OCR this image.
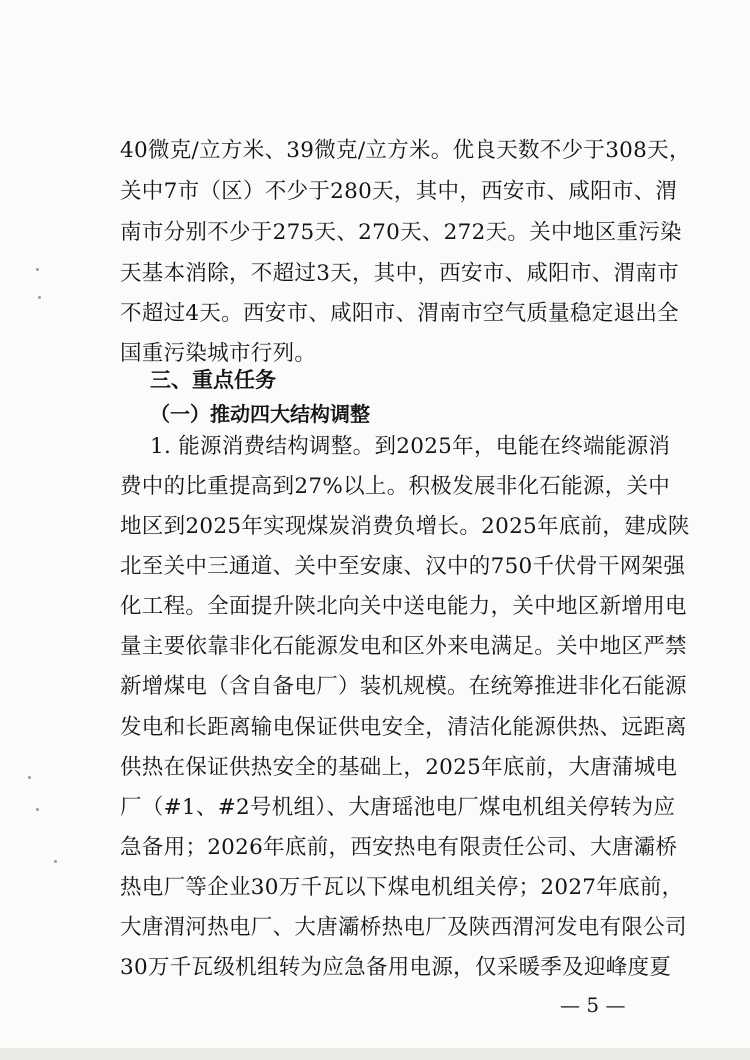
40微克/立方米、39微克/立方米。优良天数不少于308天，
关中7市（区）不少于280天，其中，西安市、咸阳市、渭
南市分别不少于275天、270天、272天。关中地区重污染
天基本消除，不超过3天，其中，西安市、咸阳市、渭南市
不超过4天。西安市、咸阳市、渭南市空气质量稳定退出全
国重污染城市行列。
三、重点任务
（一）推动四大结构调整
1. 能源消费结构调整。到2025年，电能在终端能源消
费中的比重提高到27%以上。积极发展非化石能源，关中
地区到2025年实现煤炭消费负增长。2025年底前，建成陕
北至关中三通道、关中至安康、汉中的750千伏骨干网架强
化工程。全面提升陕北向关中送电能力，关中地区新增用电
量主要依靠非化石能源发电和区外来电满足。关中地区严禁
新增煤电（含自备电厂）装机规模。在统筹推进非化石能源
发电和长距离输电保证供电安全，清洁化能源供热、远距离
供热在保证供热安全的基础上，2025年底前，大唐蒲城电
厂（#1、#2号机组）、大唐瑶池电厂煤电机组关停转为应
急备用；2026年底前，西安热电有限责任公司、大唐灞桥
热电厂等企业30万千瓦以下煤电机组关停；2027年底前，
大唐渭河热电厂、大唐灞桥热电厂及陕西渭河发电有限公司
30万千瓦级机组转为应急备用电源，仅采暖季及迎峰度夏
— 5 —
